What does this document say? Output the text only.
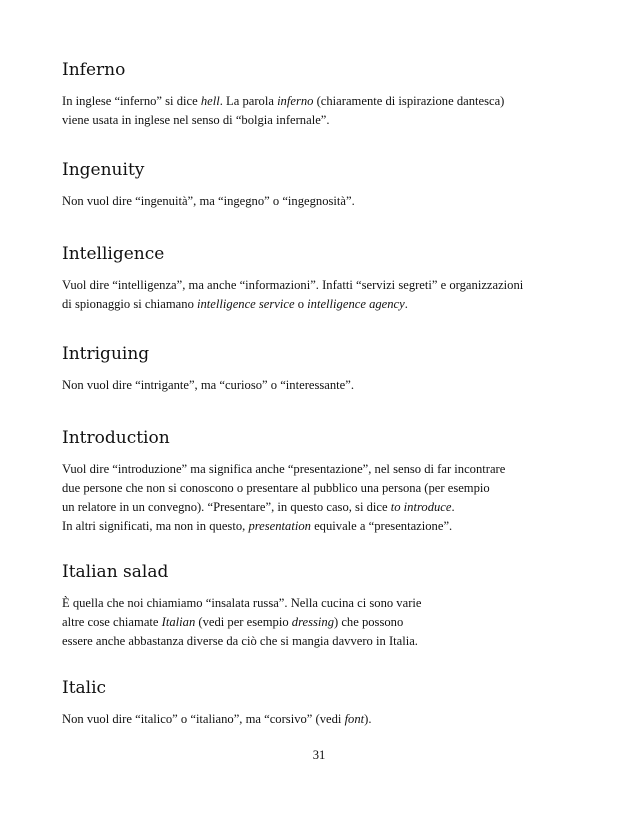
Inferno
In inglese “inferno” si dice hell. La parola inferno (chiaramente di ispirazione dantesca)
viene usata in inglese nel senso di “bolgia infernale”.
Ingenuity
Non vuol dire “ingenuità”, ma “ingegno” o “ingegnosità”.
Intelligence
Vuol dire “intelligenza”, ma anche “informazioni”. Infatti “servizi segreti” e organizzazioni
di spionaggio si chiamano intelligence service o intelligence agency.
Intriguing
Non vuol dire “intrigante”, ma “curioso” o “interessante”.
Introduction
Vuol dire “introduzione” ma significa anche “presentazione”, nel senso di far incontrare
due persone che non si conoscono o presentare al pubblico una persona (per esempio
un relatore in un convegno). “Presentare”, in questo caso, si dice to introduce.
In altri significati, ma non in questo, presentation equivale a “presentazione”.
Italian salad
È quella che noi chiamiamo “insalata russa”. Nella cucina ci sono varie
altre cose chiamate Italian (vedi per esempio dressing) che possono
essere anche abbastanza diverse da ciò che si mangia davvero in Italia.
Italic
Non vuol dire “italico” o “italiano”, ma “corsivo” (vedi font).
31
